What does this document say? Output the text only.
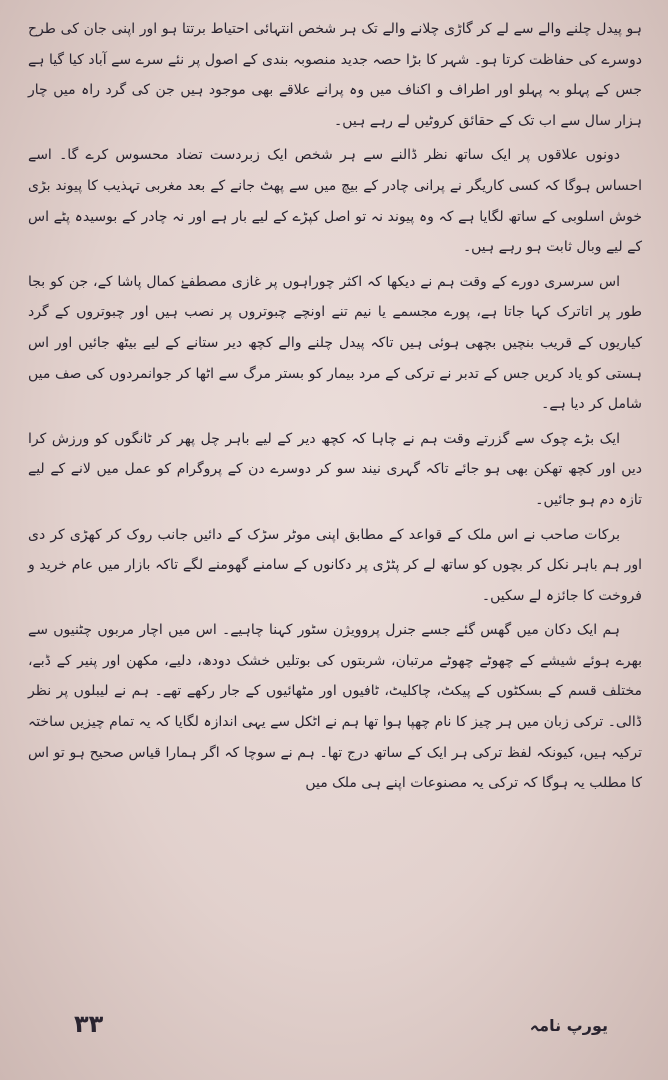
ہو پیدل چلنے والے سے لے کر گاڑی چلانے والے تک ہر شخص انتہائی احتیاط برتتا ہو اور اپنی جان کی طرح دوسرے کی حفاظت کرتا ہو۔ شہر کا بڑا حصہ جدید منصوبہ بندی کے اصول پر نئے سرے سے آباد کیا گیا ہے جس کے پہلو بہ پہلو اور اطراف و اکناف میں وہ پرانے علاقے بھی موجود ہیں جن کی گرد راہ میں چار ہزار سال سے اب تک کے حقائق کروٹیں لے رہے ہیں۔

دونوں علاقوں پر ایک ساتھ نظر ڈالنے سے ہر شخص ایک زبردست تضاد محسوس کرے گا۔ اسے احساس ہوگا کہ کسی کاریگر نے پرانی چادر کے بیچ میں سے پھٹ جانے کے بعد مغربی تہذیب کا پیوند بڑی خوش اسلوبی کے ساتھ لگایا ہے کہ وہ پیوند نہ تو اصل کپڑے کے لیے بار ہے اور نہ چادر کے بوسیدہ پٹے اس کے لیے وبال ثابت ہو رہے ہیں۔

اس سرسری دورے کے وقت ہم نے دیکھا کہ اکثر چوراہوں پر غازی مصطفےٰ کمال پاشا کے، جن کو بجا طور پر اتاترک کہا جاتا ہے، پورے مجسمے یا نیم تنے اونچے چبوتروں پر نصب ہیں اور چبوتروں کے گرد کیاریوں کے قریب بنچیں بچھی ہوئی ہیں تاکہ پیدل چلنے والے کچھ دیر ستانے کے لیے بیٹھ جائیں اور اس ہستی کو یاد کریں جس کے تدبر نے ترکی کے مرد بیمار کو بستر مرگ سے اٹھا کر جوانمردوں کی صف میں شامل کر دیا ہے۔

ایک بڑے چوک سے گزرتے وقت ہم نے چاہا کہ کچھ دیر کے لیے باہر چل پھر کر ٹانگوں کو ورزش کرا دیں اور کچھ تھکن بھی ہو جائے تاکہ گہری نیند سو کر دوسرے دن کے پروگرام کو عمل میں لانے کے لیے تازہ دم ہو جائیں۔

برکات صاحب نے اس ملک کے قواعد کے مطابق اپنی موٹر سڑک کے دائیں جانب روک کر کھڑی کر دی اور ہم باہر نکل کر بچوں کو ساتھ لے کر پٹڑی پر دکانوں کے سامنے گھومنے لگے تاکہ بازار میں عام خرید و فروخت کا جائزہ لے سکیں۔

ہم ایک دکان میں گھس گئے جسے جنرل پروویژن سٹور کہنا چاہیے۔ اس میں اچار مربوں چٹنیوں سے بھرے ہوئے شیشے کے چھوٹے چھوٹے مرتبان، شربتوں کی بوتلیں خشک دودھ، دلیے، مکھن اور پنیر کے ڈبے، مختلف قسم کے بسکٹوں کے پیکٹ، چاکلیٹ، ٹافیوں اور مٹھائیوں کے جار رکھے تھے۔ ہم نے لیبلوں پر نظر ڈالی۔ ترکی زبان میں ہر چیز کا نام چھپا ہوا تھا ہم نے اٹکل سے یہی اندازہ لگایا کہ یہ تمام چیزیں ساختہ ترکیہ ہیں، کیونکہ لفظ ترکی ہر ایک کے ساتھ درج تھا۔ ہم نے سوچا کہ اگر ہمارا قیاس صحیح ہو تو اس کا مطلب یہ ہوگا کہ ترکی یہ مصنوعات اپنے ہی ملک میں

۳۳	یورپ نامہ
